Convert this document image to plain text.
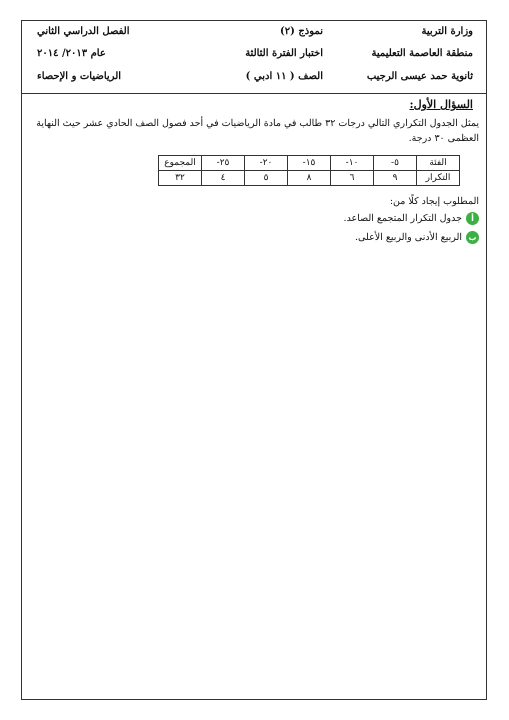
وزارة التربية
نموذج (٢)
الفصل الدراسي الثاني
منطقة العاصمة التعليمية
اختبار الفترة الثالثة
عام ٢٠١٣/ ٢٠١٤
ثانوية حمد عيسى الرجيب
الصف ( ١١ ادبي )
الرياضيات و الإحصاء
السؤال الأول:
يمثل الجدول التكراري التالي درجات ٣٢ طالب في مادة الرياضيات في أحد فصول الصف الحادي عشر حيث النهاية العظمى ٣٠ درجة.
الفئة	٥-	١٠-	١٥-	٢٠-	٢٥-	المجموع
التكرار	٩	٦	٨	٥	٤	٣٢
المطلوب إيجاد كلًا من:
أ
جدول التكرار المتجمع الصاعد.
ب
الربيع الأدنى والربيع الأعلى.
